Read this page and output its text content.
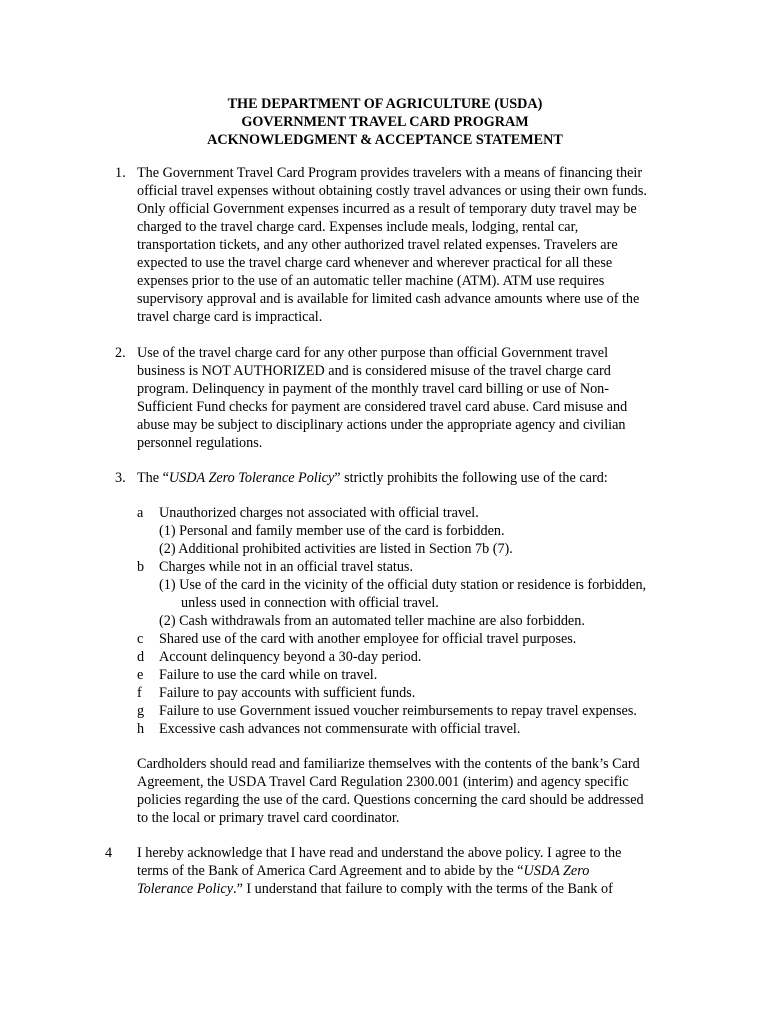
THE DEPARTMENT OF AGRICULTURE (USDA)
GOVERNMENT TRAVEL CARD PROGRAM
ACKNOWLEDGMENT & ACCEPTANCE STATEMENT
1. The Government Travel Card Program provides travelers with a means of financing their
official travel expenses without obtaining costly travel advances or using their own funds.
Only official Government expenses incurred as a result of temporary duty travel may be
charged to the travel charge card. Expenses include meals, lodging, rental car,
transportation tickets, and any other authorized travel related expenses. Travelers are
expected to use the travel charge card whenever and wherever practical for all these
expenses prior to the use of an automatic teller machine (ATM). ATM use requires
supervisory approval and is available for limited cash advance amounts where use of the
travel charge card is impractical.
2. Use of the travel charge card for any other purpose than official Government travel
business is NOT AUTHORIZED and is considered misuse of the travel charge card
program. Delinquency in payment of the monthly travel card billing or use of Non-
Sufficient Fund checks for payment are considered travel card abuse. Card misuse and
abuse may be subject to disciplinary actions under the appropriate agency and civilian
personnel regulations.
3. The “USDA Zero Tolerance Policy” strictly prohibits the following use of the card:
a Unauthorized charges not associated with official travel.
(1) Personal and family member use of the card is forbidden.
(2) Additional prohibited activities are listed in Section 7b (7).
b Charges while not in an official travel status.
(1) Use of the card in the vicinity of the official duty station or residence is forbidden,
unless used in connection with official travel.
(2) Cash withdrawals from an automated teller machine are also forbidden.
c Shared use of the card with another employee for official travel purposes.
d Account delinquency beyond a 30-day period.
e Failure to use the card while on travel.
f Failure to pay accounts with sufficient funds.
g Failure to use Government issued voucher reimbursements to repay travel expenses.
h Excessive cash advances not commensurate with official travel.
Cardholders should read and familiarize themselves with the contents of the bank’s Card
Agreement, the USDA Travel Card Regulation 2300.001 (interim) and agency specific
policies regarding the use of the card. Questions concerning the card should be addressed
to the local or primary travel card coordinator.
4 I hereby acknowledge that I have read and understand the above policy. I agree to the
terms of the Bank of America Card Agreement and to abide by the “USDA Zero
Tolerance Policy.” I understand that failure to comply with the terms of the Bank of
